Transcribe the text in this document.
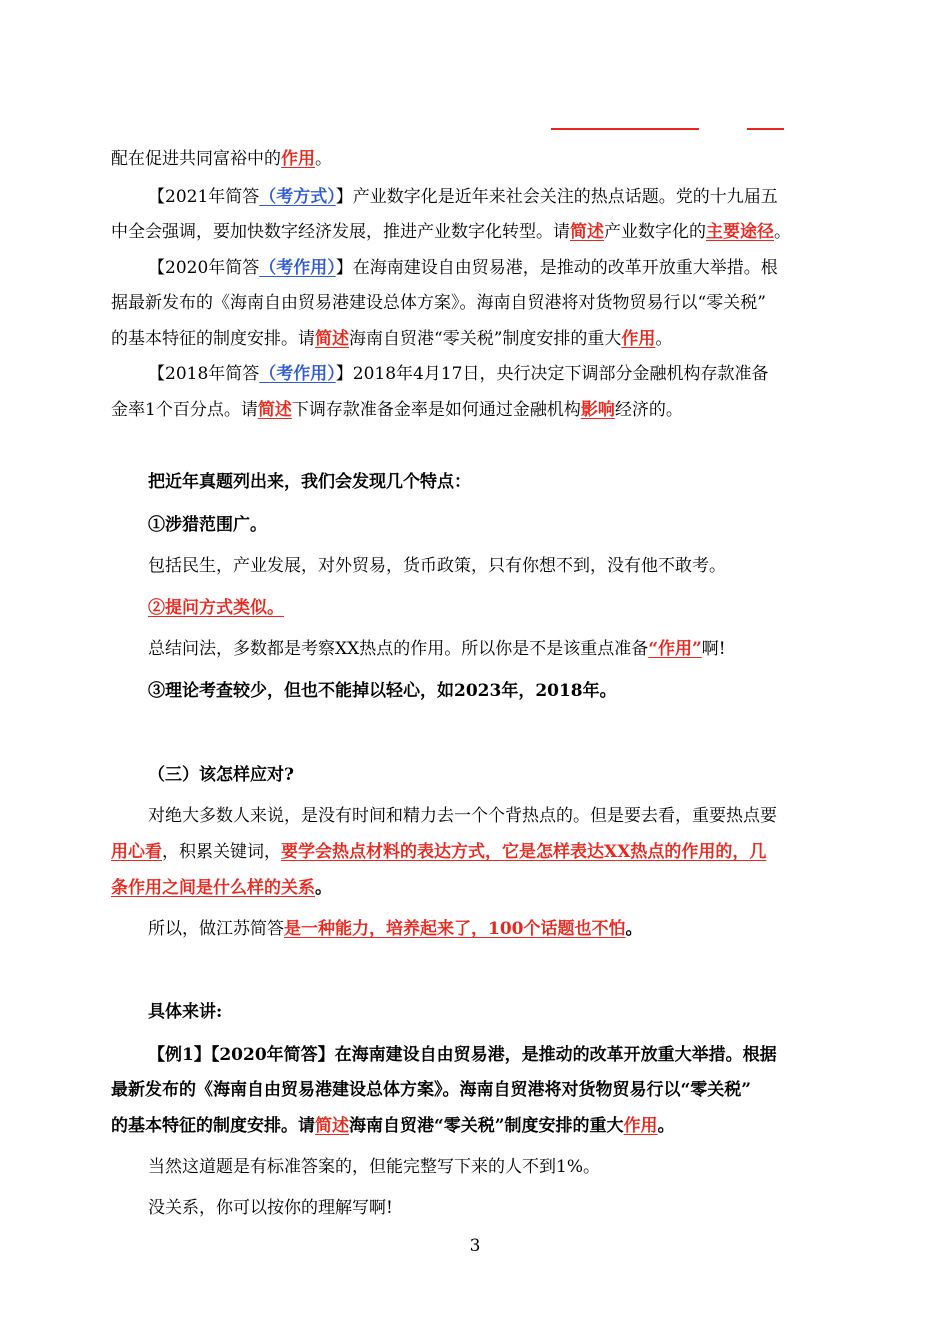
配在促进共同富裕中的作用。
【2021年简答（考方式）】产业数字化是近年来社会关注的热点话题。党的十九届五
中全会强调，要加快数字经济发展，推进产业数字化转型。请简述产业数字化的主要途径。
【2020年简答（考作用）】在海南建设自由贸易港，是推动的改革开放重大举措。根
据最新发布的《海南自由贸易港建设总体方案》。海南自贸港将对货物贸易行以“零关税”
的基本特征的制度安排。请简述海南自贸港“零关税”制度安排的重大作用。
【2018年简答（考作用）】2018年4月17日，央行决定下调部分金融机构存款准备
金率1个百分点。请简述下调存款准备金率是如何通过金融机构影响经济的。
把近年真题列出来，我们会发现几个特点：
①涉猎范围广。
包括民生，产业发展，对外贸易，货币政策，只有你想不到，没有他不敢考。
②提问方式类似。
总结问法，多数都是考察XX热点的作用。所以你是不是该重点准备“作用”啊!
③理论考查较少，但也不能掉以轻心，如2023年，2018年。
（三）该怎样应对?
对绝大多数人来说，是没有时间和精力去一个个背热点的。但是要去看，重要热点要
用心看，积累关键词，要学会热点材料的表达方式，它是怎样表达XX热点的作用的，几
条作用之间是什么样的关系。
所以，做江苏简答是一种能力，培养起来了，100个话题也不怕。
具体来讲:
【例1】【2020年简答】在海南建设自由贸易港，是推动的改革开放重大举措。根据
最新发布的《海南自由贸易港建设总体方案》。海南自贸港将对货物贸易行以“零关税”
的基本特征的制度安排。请简述海南自贸港“零关税”制度安排的重大作用。
当然这道题是有标准答案的，但能完整写下来的人不到1%。
没关系，你可以按你的理解写啊!
3
